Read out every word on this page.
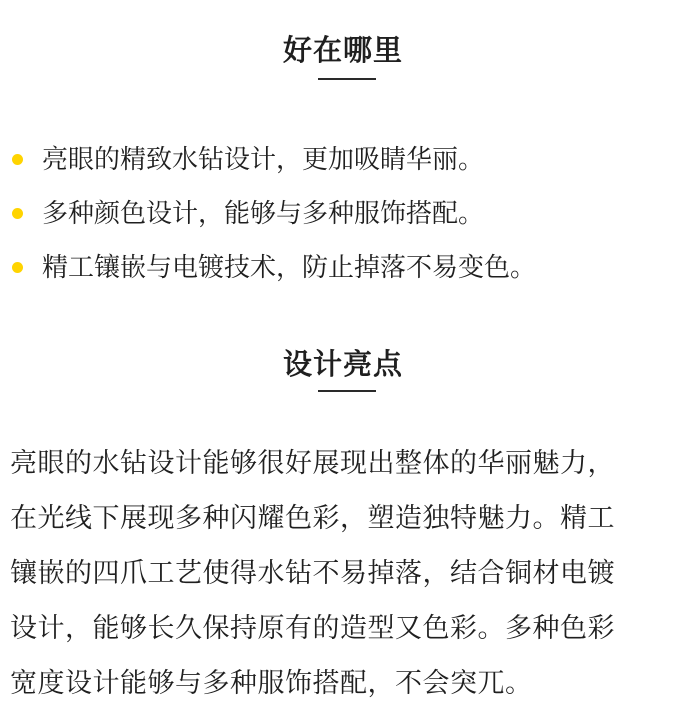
好在哪里
亮眼的精致水钻设计，更加吸睛华丽。
多种颜色设计，能够与多种服饰搭配。
精工镶嵌与电镀技术，防止掉落不易变色。
设计亮点
亮眼的水钻设计能够很好展现出整体的华丽魅力，
在光线下展现多种闪耀色彩，塑造独特魅力。精工
镶嵌的四爪工艺使得水钻不易掉落，结合铜材电镀
设计，能够长久保持原有的造型又色彩。多种色彩
宽度设计能够与多种服饰搭配，不会突兀。
